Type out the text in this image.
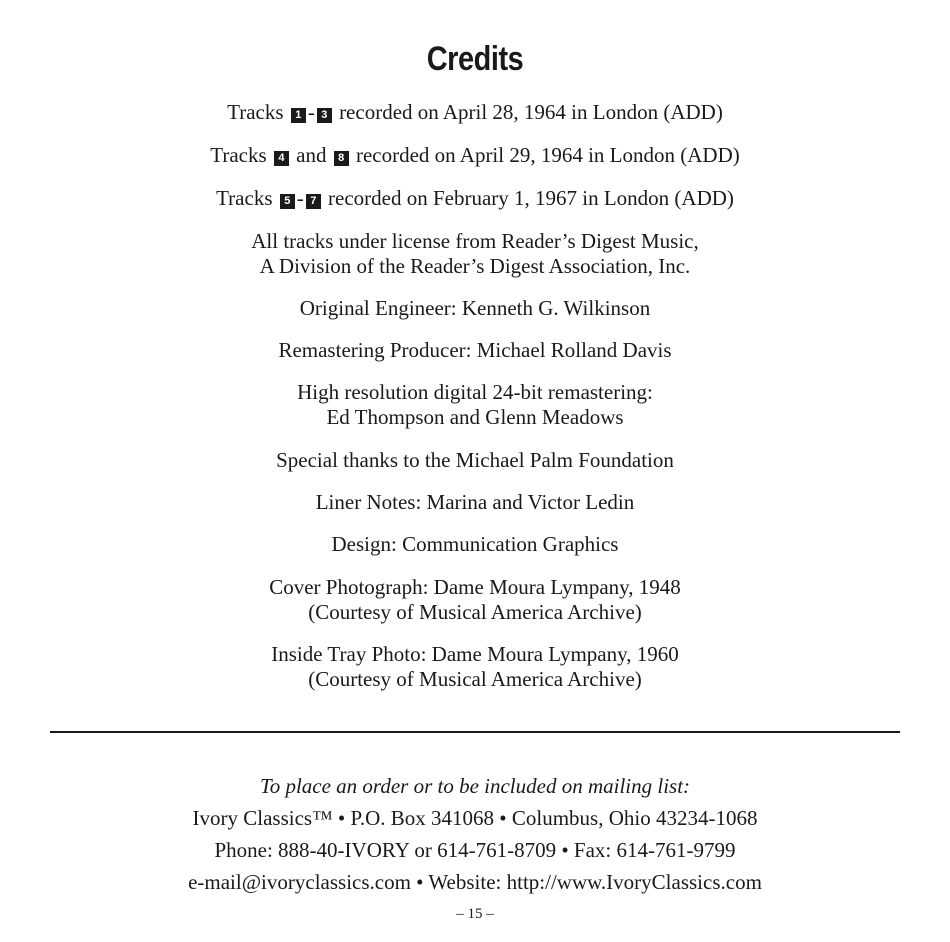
Credits
Tracks 1 - 3 recorded on April 28, 1964 in London (ADD)
Tracks 4 and 8 recorded on April 29, 1964 in London (ADD)
Tracks 5 - 7 recorded on February 1, 1967 in London (ADD)
All tracks under license from Reader’s Digest Music,
A Division of the Reader’s Digest Association, Inc.
Original Engineer: Kenneth G. Wilkinson
Remastering Producer: Michael Rolland Davis
High resolution digital 24-bit remastering:
Ed Thompson and Glenn Meadows
Special thanks to the Michael Palm Foundation
Liner Notes: Marina and Victor Ledin
Design: Communication Graphics
Cover Photograph: Dame Moura Lympany, 1948
(Courtesy of Musical America Archive)
Inside Tray Photo: Dame Moura Lympany, 1960
(Courtesy of Musical America Archive)
To place an order or to be included on mailing list:
Ivory Classics™ • P.O. Box 341068 • Columbus, Ohio 43234-1068
Phone: 888-40-IVORY or 614-761-8709 • Fax: 614-761-9799
e-mail@ivoryclassics.com • Website: http://www.IvoryClassics.com
– 15 –
